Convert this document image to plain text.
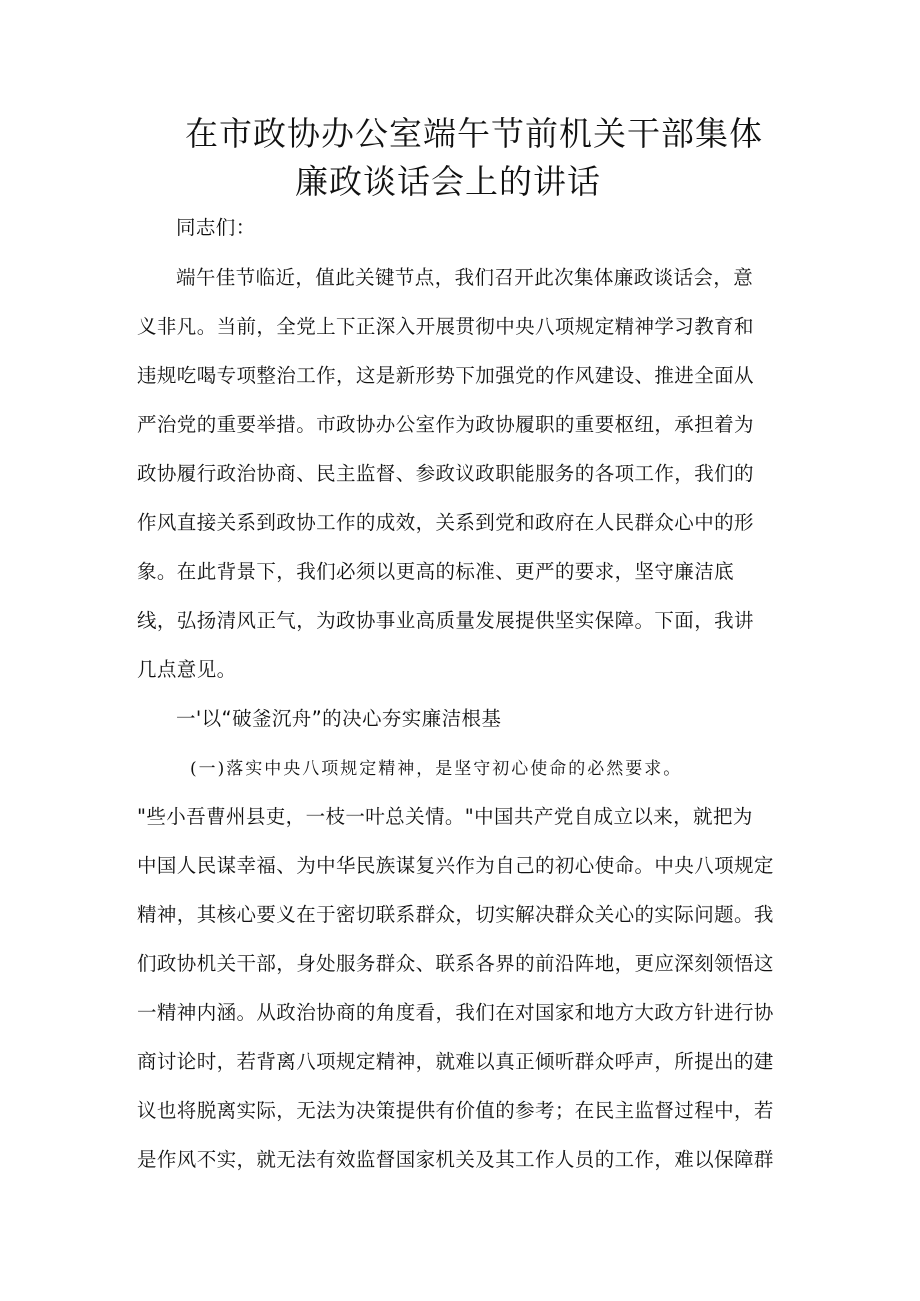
在市政协办公室端午节前机关干部集体
廉政谈话会上的讲话
同志们：
端午佳节临近，值此关键节点，我们召开此次集体廉政谈话会，意
义非凡。当前，全党上下正深入开展贯彻中央八项规定精神学习教育和
违规吃喝专项整治工作，这是新形势下加强党的作风建设、推进全面从
严治党的重要举措。市政协办公室作为政协履职的重要枢纽，承担着为
政协履行政治协商、民主监督、参政议政职能服务的各项工作，我们的
作风直接关系到政协工作的成效，关系到党和政府在人民群众心中的形
象。在此背景下，我们必须以更高的标准、更严的要求，坚守廉洁底
线，弘扬清风正气，为政协事业高质量发展提供坚实保障。下面，我讲
几点意见。
一'以“破釜沉舟”的决心夯实廉洁根基
(一)落实中央八项规定精神，是坚守初心使命的必然要求。
"些小吾曹州县吏，一枝一叶总关情。"中国共产党自成立以来，就把为
中国人民谋幸福、为中华民族谋复兴作为自己的初心使命。中央八项规定
精神，其核心要义在于密切联系群众，切实解决群众关心的实际问题。我
们政协机关干部，身处服务群众、联系各界的前沿阵地，更应深刻领悟这
一精神内涵。从政治协商的角度看，我们在对国家和地方大政方针进行协
商讨论时，若背离八项规定精神，就难以真正倾听群众呼声，所提出的建
议也将脱离实际，无法为决策提供有价值的参考；在民主监督过程中，若
是作风不实，就无法有效监督国家机关及其工作人员的工作，难以保障群
